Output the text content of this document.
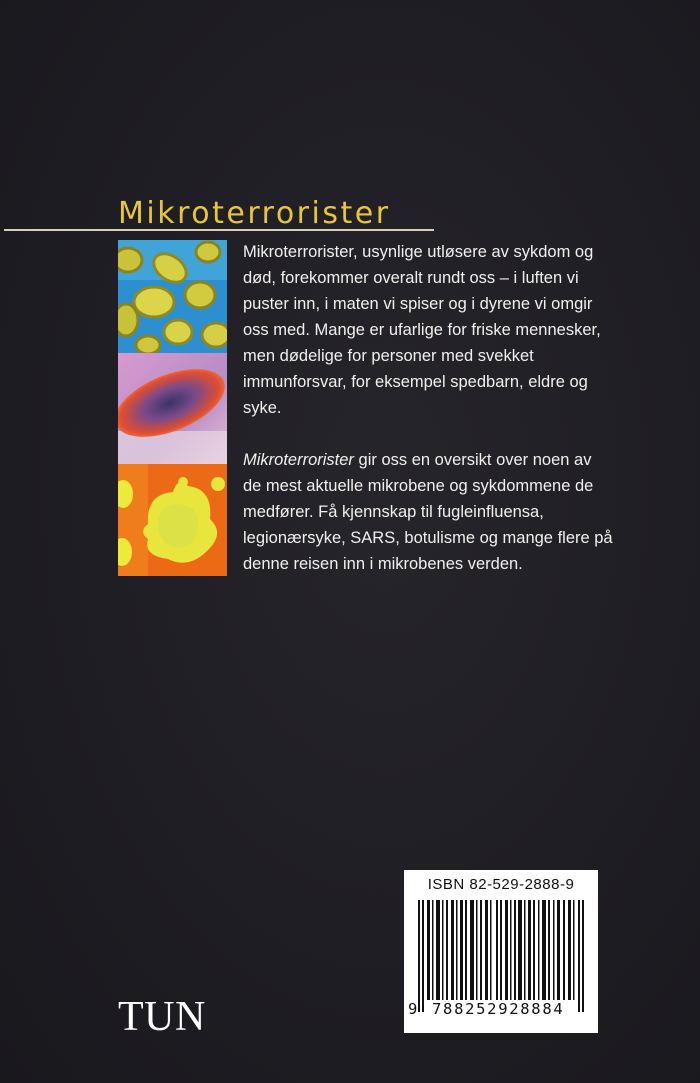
Mikroterrorister

Mikroterrorister, usynlige utløsere av sykdom og død, forekommer overalt rundt oss – i luften vi puster inn, i maten vi spiser og i dyrene vi omgir oss med. Mange er ufarlige for friske mennesker, men dødelige for personer med svekket immunforsvar, for eksempel spedbarn, eldre og syke.

Mikroterrorister gir oss en oversikt over noen av de mest aktuelle mikrobene og sykdommene de medfører. Få kjennskap til fugleinfluensa, legionærsyke, SARS, botulisme og mange flere på denne reisen inn i mikrobenes verden.

ISBN 82-529-2888-9
9 788252928884
TUN
